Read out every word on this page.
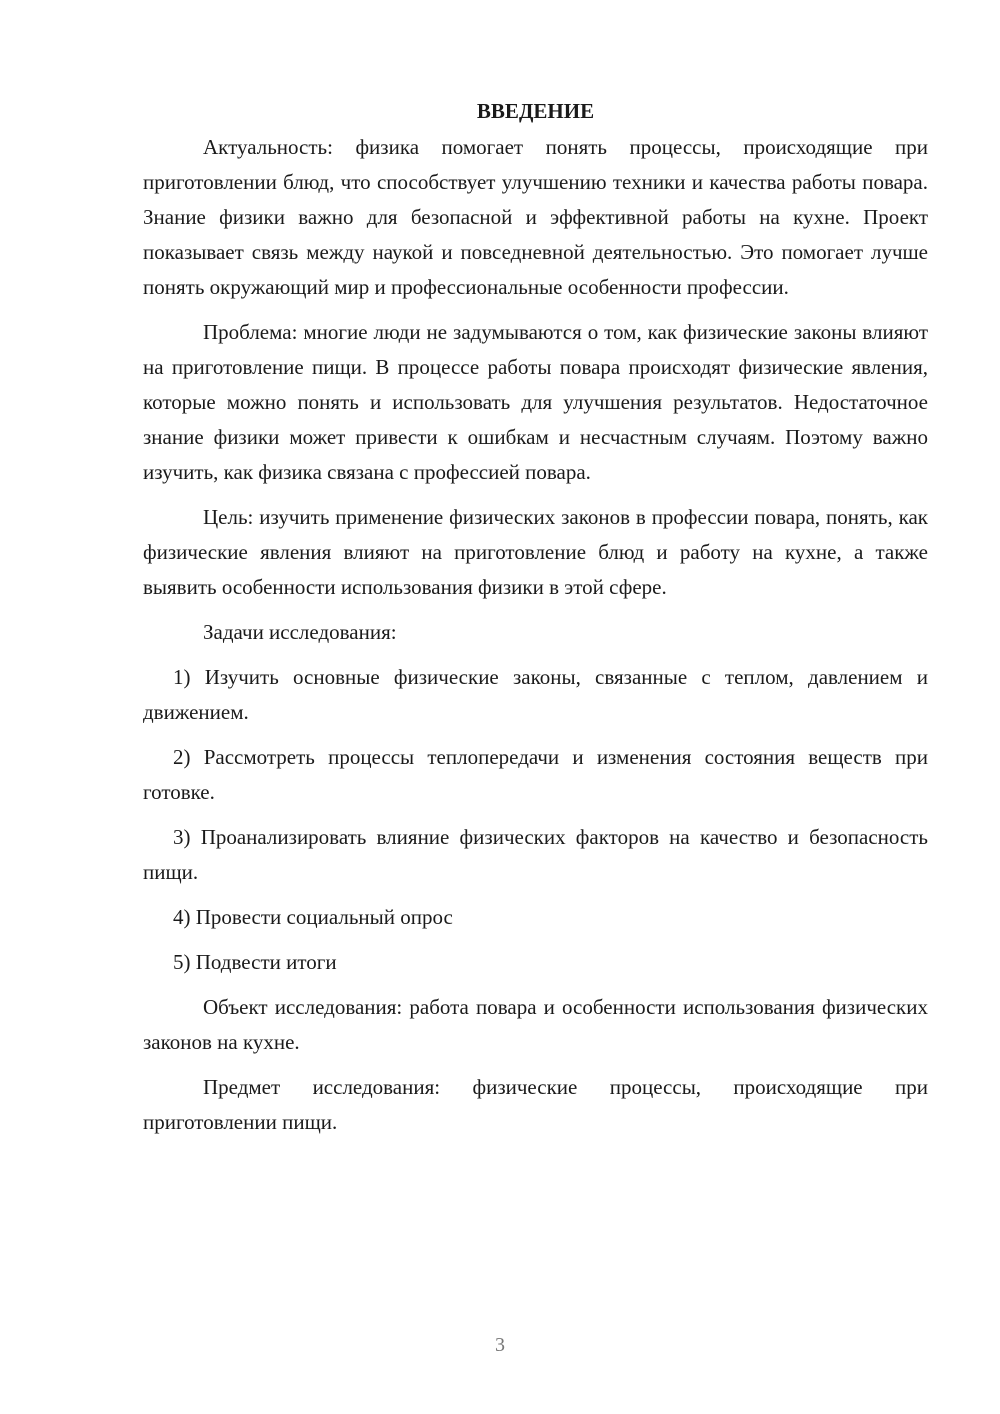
ВВЕДЕНИЕ

Актуальность: физика помогает понять процессы, происходящие при приготовлении блюд, что способствует улучшению техники и качества работы повара. Знание физики важно для безопасной и эффективной работы на кухне. Проект показывает связь между наукой и повседневной деятельностью. Это помогает лучше понять окружающий мир и профессиональные особенности профессии.

Проблема: многие люди не задумываются о том, как физические законы влияют на приготовление пищи. В процессе работы повара происходят физические явления, которые можно понять и использовать для улучшения результатов. Недостаточное знание физики может привести к ошибкам и несчастным случаям. Поэтому важно изучить, как физика связана с профессией повара.

Цель: изучить применение физических законов в профессии повара, понять, как физические явления влияют на приготовление блюд и работу на кухне, а также выявить особенности использования физики в этой сфере.

Задачи исследования:

1) Изучить основные физические законы, связанные с теплом, давлением и движением.

2) Рассмотреть процессы теплопередачи и изменения состояния веществ при готовке.

3) Проанализировать влияние физических факторов на качество и безопасность пищи.

4) Провести социальный опрос

5) Подвести итоги

Объект исследования: работа повара и особенности использования физических законов на кухне.

Предмет исследования: физические процессы, происходящие при приготовлении пищи.

3
